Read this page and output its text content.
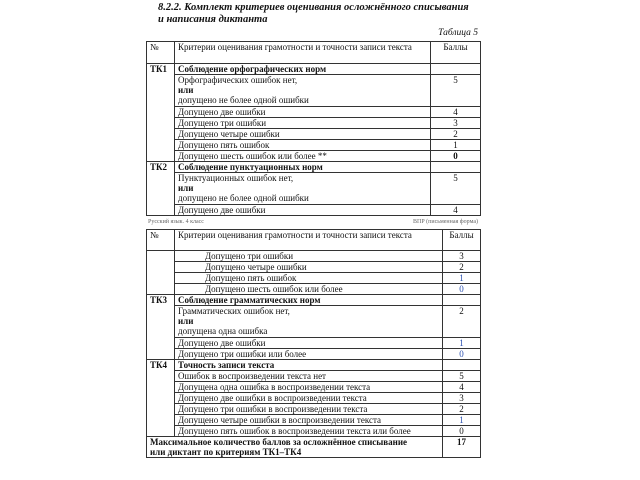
8.2.2. Комплект критериев оценивания осложнённого списывания
и написания диктанта
Таблица 5
№	Критерии оценивания грамотности и точности записи текста	Баллы
ТК1	Соблюдение орфографических норм	

	Орфографических ошибок нет,
или
допущено не более одной ошибки	5
	Допущено две ошибки	4
	Допущено три ошибки	3
	Допущено четыре ошибки	2
	Допущено пять ошибок	1
	Допущено шесть ошибок или более **	0
ТК2	Соблюдение пунктуационных норм	

	Пунктуационных ошибок нет,
или
допущено не более одной ошибки	5
	Допущено две ошибки	4
Русский язык. 4 класс	ВПР (письменная форма)
№	Критерии оценивания грамотности и точности записи текста	Баллы
	Допущено три ошибки	3
	Допущено четыре ошибки	2
	Допущено пять ошибок	1
	Допущено шесть ошибок или более	0
ТК3	Соблюдение грамматических норм	

	Грамматических ошибок нет,
или
допущена одна ошибка	2
	Допущено две ошибки	1
	Допущено три ошибки или более	0
ТК4	Точность записи текста	
	Ошибок в воспроизведении текста нет	5
	Допущена одна ошибка в воспроизведении текста	4
	Допущено две ошибки в воспроизведении текста	3
	Допущено три ошибки в воспроизведении текста	2
	Допущено четыре ошибки в воспроизведении текста	1
	Допущено пять ошибок в воспроизведении текста или более	0

Максимальное количество баллов за осложнённое списывание
или диктант по критериям ТК1–ТК4		17
